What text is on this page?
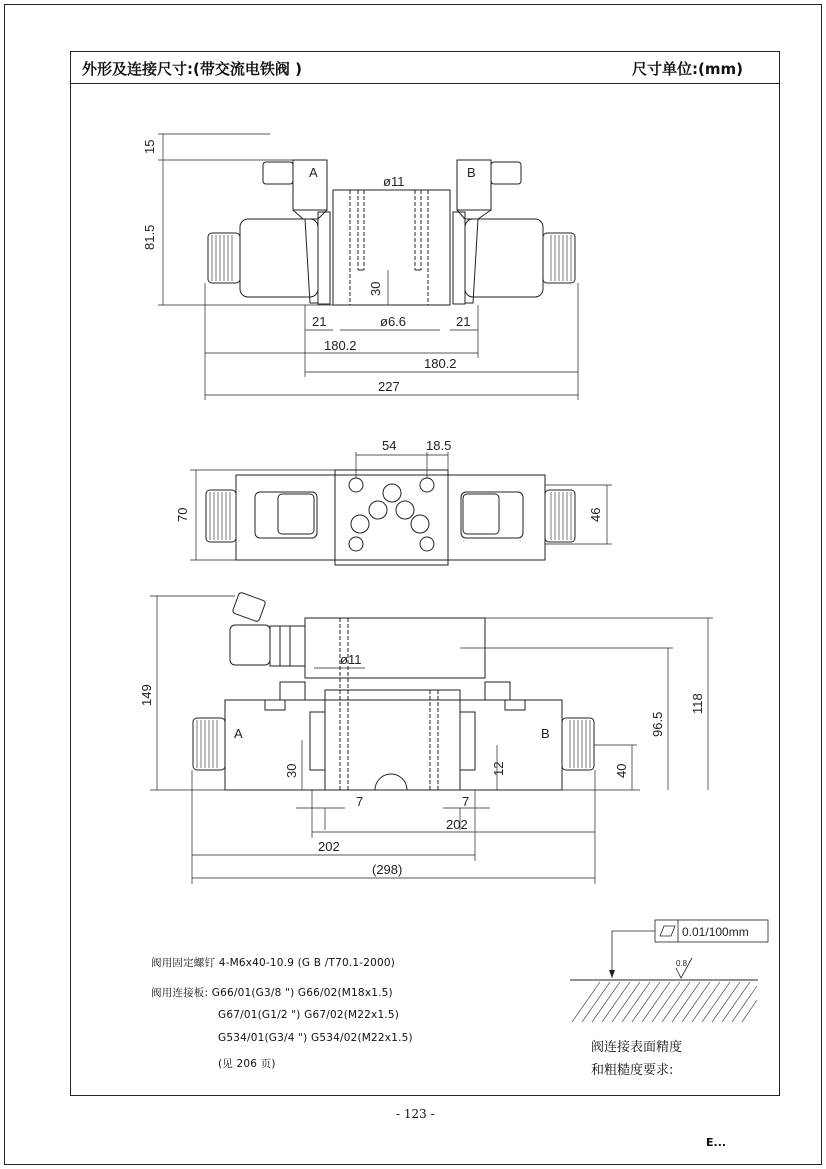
外形及连接尺寸:(带交流电铁阀 )	尺寸单位:(mm)
A	B
15
81.5
ø11
ø6.6
30
21	21
180.2
180.2
227
54 18.5
70	46
A	B
149	118
96.5
40
12
30
ø11
7	7
202
202
(298)
0.01/100mm
0.8
阀用固定螺钉 4-M6x40-10.9 (G B /T70.1-2000)
阀用连接板: G66/01(G3/8 ") G66/02(M18x1.5)
G67/01(G1/2 ") G67/02(M22x1.5)
G534/01(G3/4 ") G534/02(M22x1.5)
(见 206 页)
阀连接表面精度
和粗糙度要求:
- 123 -
E...
